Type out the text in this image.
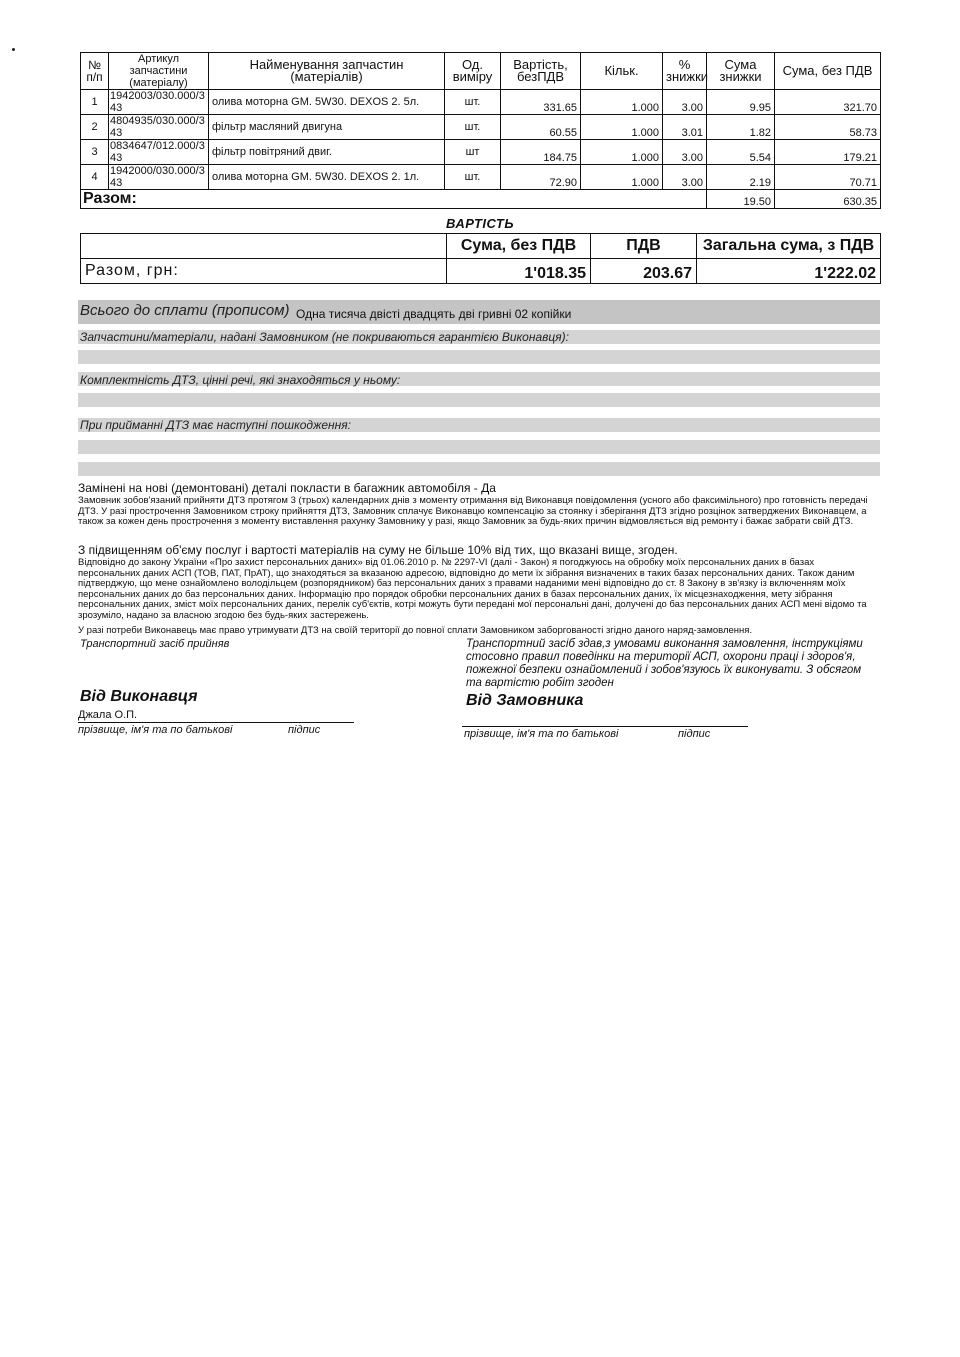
№ п/п	Артикул запчастини (матеріалу)	Найменування запчастин (матеріалів)	Од. виміру	Вартість, безПДВ	Кільк.	% знижки	Сума знижки	Сума, без ПДВ
1	1942003/030.000/343	олива моторна GM. 5W30. DEXOS 2. 5л.	шт.	331.65	1.000	3.00	9.95	321.70
2	4804935/030.000/343	фільтр масляний двигуна	шт.	60.55	1.000	3.01	1.82	58.73
3	0834647/012.000/343	фільтр повітряний двиг.	шт	184.75	1.000	3.00	5.54	179.21
4	1942000/030.000/343	олива моторна GM. 5W30. DEXOS 2. 1л.	шт.	72.90	1.000	3.00	2.19	70.71
Разом:							19.50	630.35
ВАРТІСТЬ
	Сума, без ПДВ	ПДВ	Загальна сума, з ПДВ
Разом, грн:	1'018.35	203.67	1'222.02
Всього до сплати (прописом) Одна тисяча двісті двадцять дві гривні 02 копійки
Запчастини/матеріали, надані Замовником (не покриваються гарантією Виконавця):
Комплектність ДТЗ, цінні речі, які знаходяться у ньому:
При прийманні ДТЗ має наступні пошкодження:
Замінені на нові (демонтовані) деталі покласти в багажник автомобіля - Да
Замовник зобов'язаний прийняти ДТЗ протягом 3 (трьох) календарних днів з моменту отримання від Виконавця повідомлення (усного або факсимільного) про готовність передачі ДТЗ. У разі прострочення Замовником строку прийняття ДТЗ, Замовник сплачує Виконавцю компенсацію за стоянку і зберігання ДТЗ згідно розцінок затверджених Виконавцем, а також за кожен день прострочення з моменту виставлення рахунку Замовнику у разі, якщо Замовник за будь-яких причин відмовляється від ремонту і бажає забрати свій ДТЗ.
З підвищенням об'єму послуг і вартості матеріалів на суму не більше 10% від тих, що вказані вище, згоден.
Відповідно до закону України «Про захист персональних даних» від 01.06.2010 р. № 2297-VI (далі - Закон) я погоджуюсь на обробку моїх персональних даних в базах персональних даних АСП (ТОВ, ПАТ, ПрАТ), що знаходяться за вказаною адресою, відповідно до мети їх зібрання визначених в таких базах персональних даних. Також даним підтверджую, що мене ознайомлено володільцем (розпорядником) баз персональних даних з правами наданими мені відповідно до ст. 8 Закону в зв'язку із включенням моїх персональних даних до баз персональних даних. Інформацію про порядок обробки персональних даних в базах персональних даних, їх місцезнаходження, мету зібрання персональних даних, зміст моїх персональних даних, перелік суб'єктів, котрі можуть бути передані мої персональні дані, долучені до баз персональних даних АСП мені відомо та зрозуміло, надано за власною згодою без будь-яких застережень.
У разі потреби Виконавець має право утримувати ДТЗ на своїй території до повної сплати Замовником заборгованості згідно даного наряд-замовлення.
Транспортний засіб прийняв	Транспортний засіб здав,з умовами виконання замовлення, інструкціями стосовно правил поведінки на території АСП, охорони праці і здоров'я, пожежної безпеки ознайомлений і зобов'язуюсь їх виконувати. З обсягом та вартістю робіт згоден
Від Виконавця	Від Замовника
Джала О.П.
прізвище, ім'я та по батькові	підпис	прізвище, ім'я та по батькові	підпис
